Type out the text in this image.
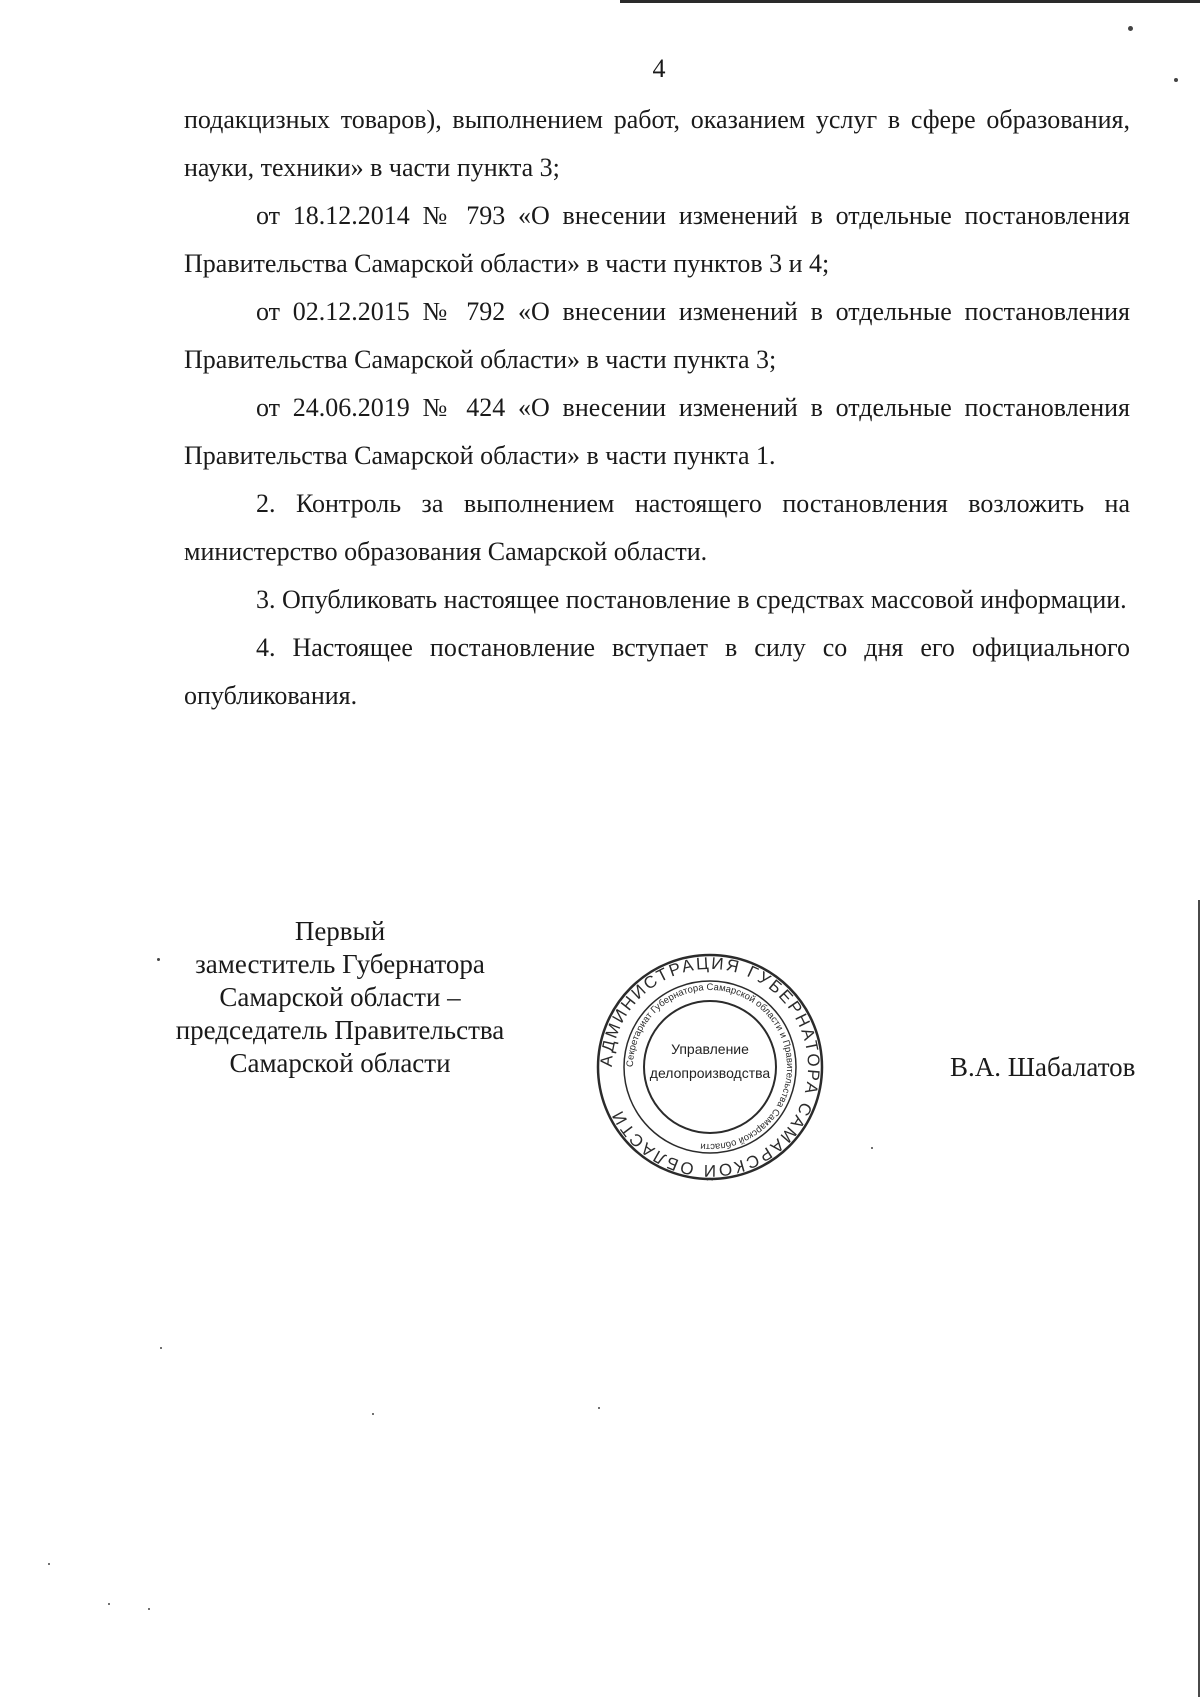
4

подакцизных товаров), выполнением работ, оказанием услуг в сфере образования, науки, техники» в части пункта 3;

от 18.12.2014 № 793 «О внесении изменений в отдельные постановления Правительства Самарской области» в части пунктов 3 и 4;

от 02.12.2015 № 792 «О внесении изменений в отдельные постановления Правительства Самарской области» в части пункта 3;

от 24.06.2019 № 424 «О внесении изменений в отдельные постановления Правительства Самарской области» в части пункта 1.

2. Контроль за выполнением настоящего постановления возложить на министерство образования Самарской области.

3. Опубликовать настоящее постановление в средствах массовой информации.

4. Настоящее постановление вступает в силу со дня его официального опубликования.

Первый
заместитель Губернатора
Самарской области –
председатель Правительства
Самарской области	АДМИНИСТРАЦИЯ ГУБЕРНАТОРА САМАРСКОЙ ОБЛАСТИ
Секретариат Губернатора Самарской области и Правительства Самарской области
Управление
делопроизводства	В.А. Шабалатов
